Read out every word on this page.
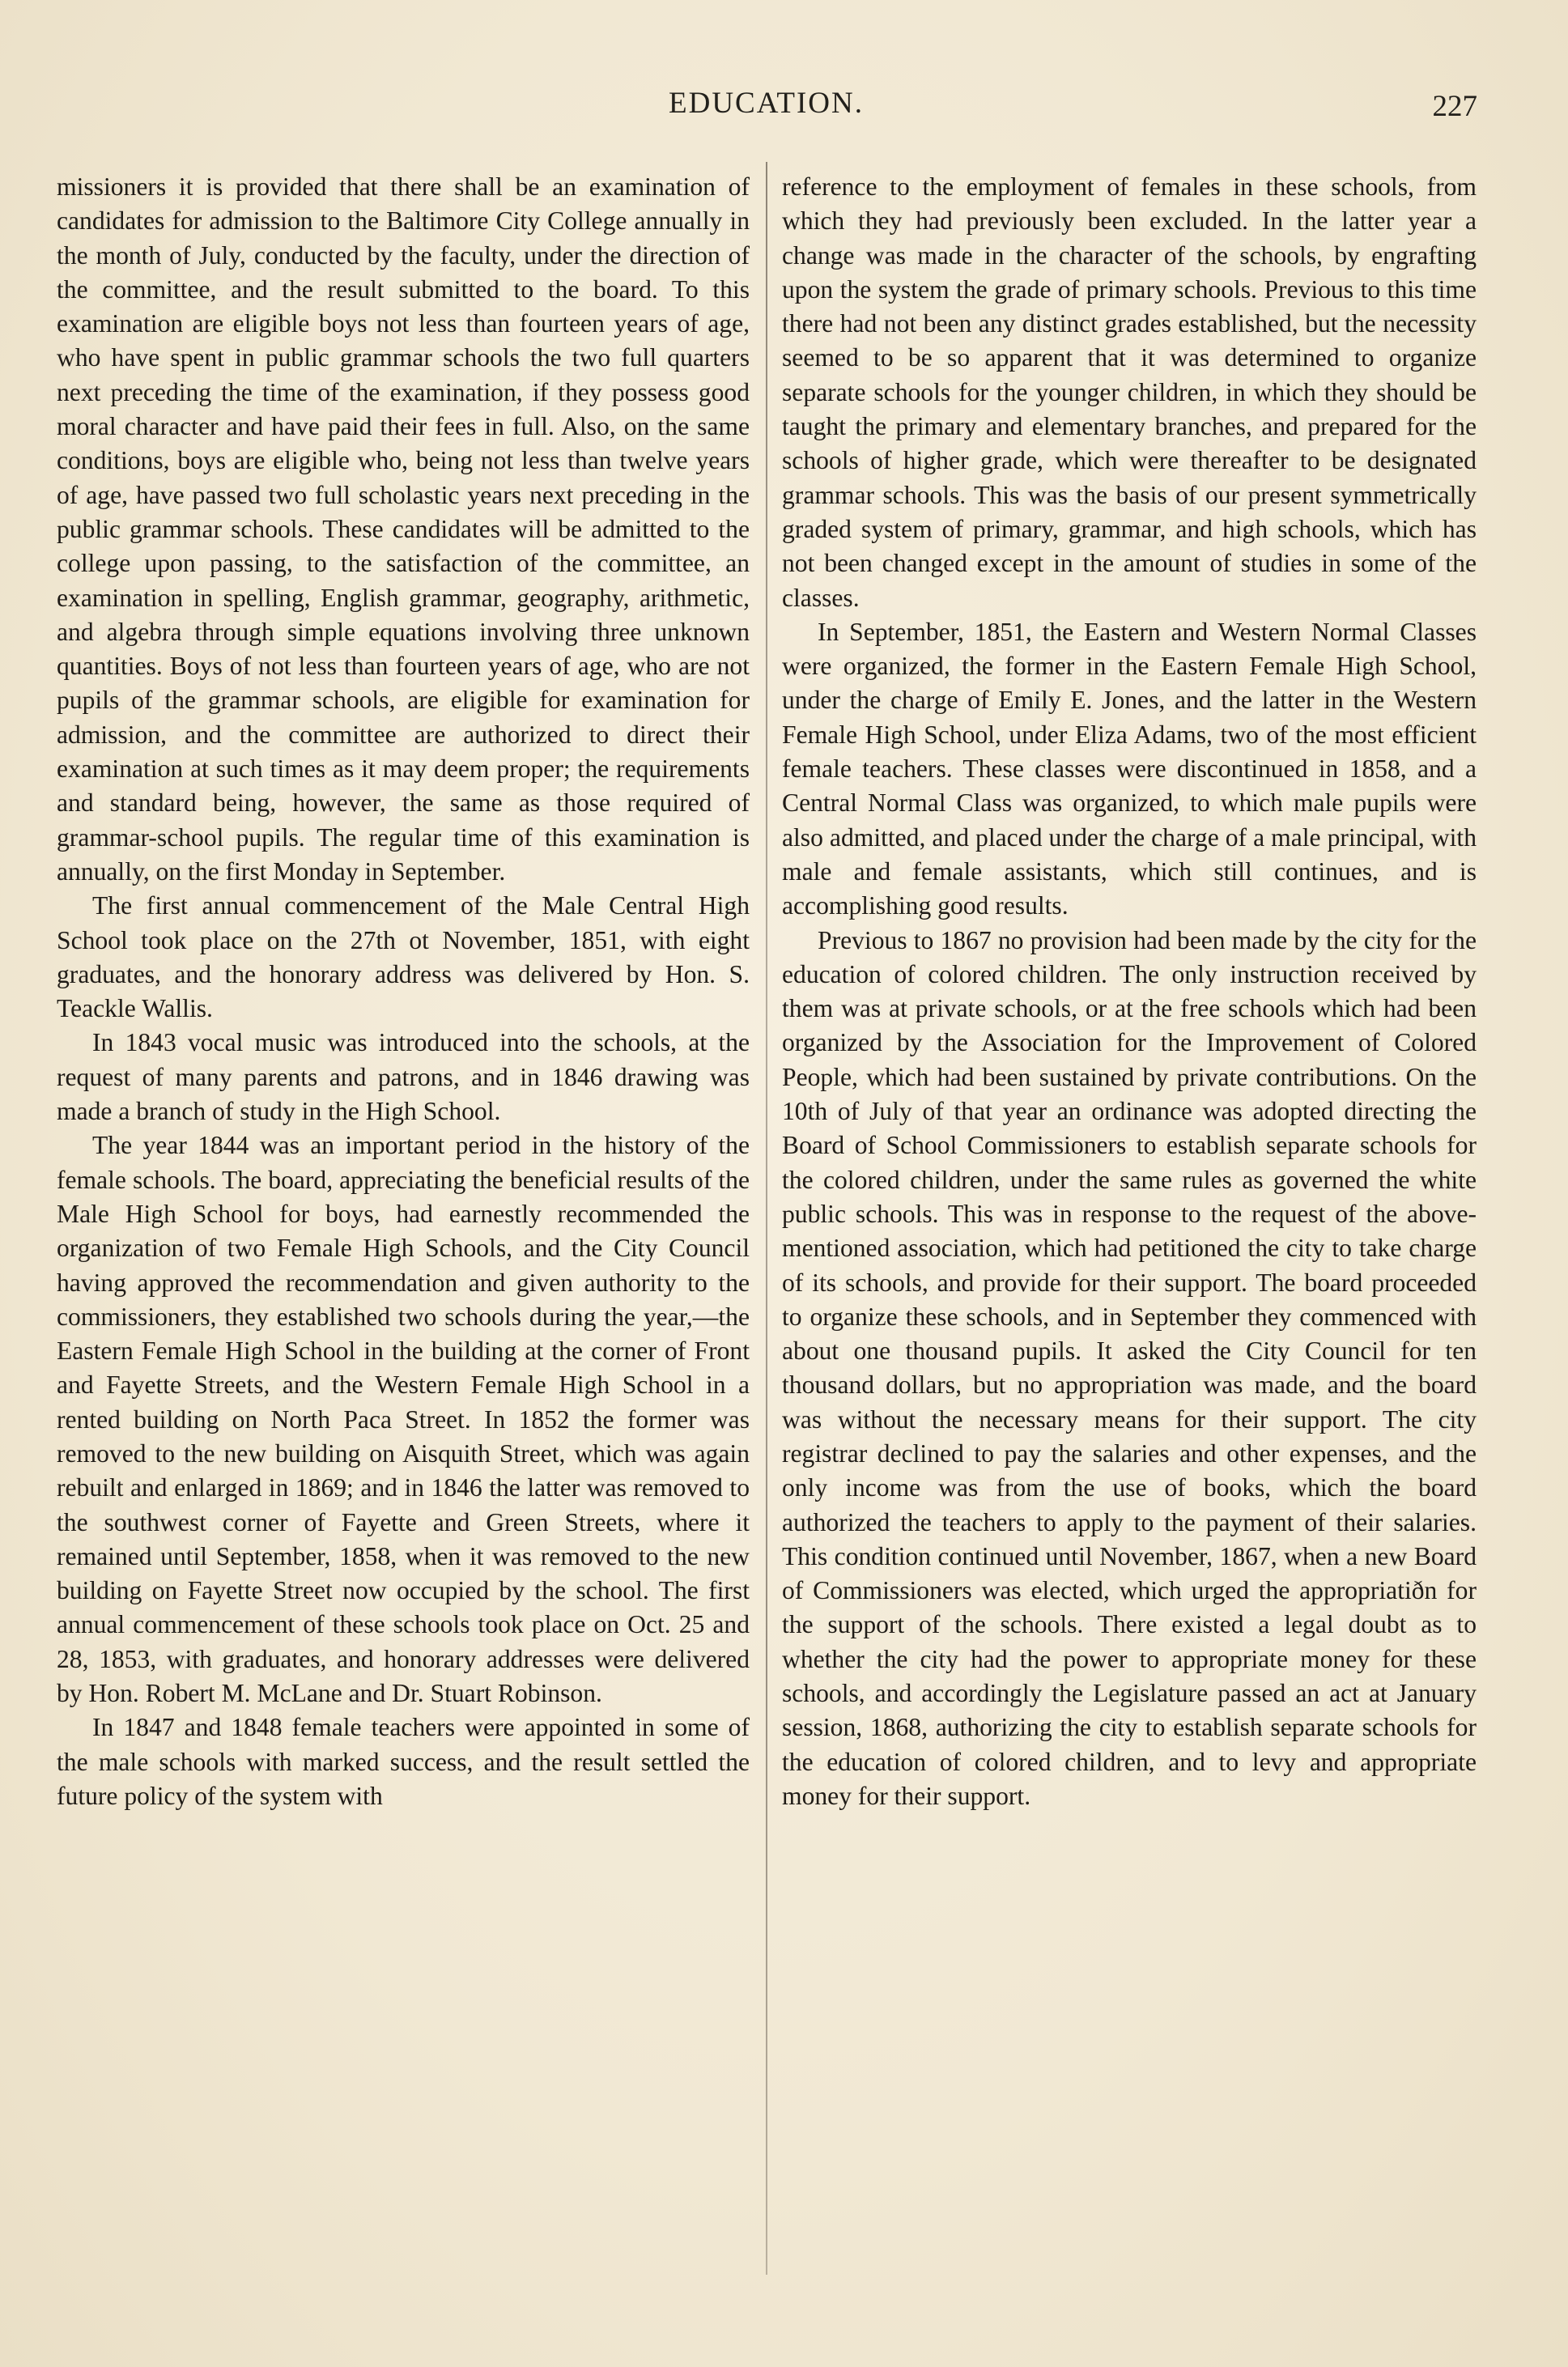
EDUCATION.	227

missioners it is provided that there shall be an examination of candidates for admission to the Baltimore City College annually in the month of July, conducted by the faculty, under the direction of the committee, and the result submitted to the board. To this examination are eligible boys not less than fourteen years of age, who have spent in public grammar schools the two full quarters next preceding the time of the examination, if they possess good moral character and have paid their fees in full. Also, on the same conditions, boys are eligible who, being not less than twelve years of age, have passed two full scholastic years next preceding in the public grammar schools. These candidates will be admitted to the college upon passing, to the satisfaction of the committee, an examination in spelling, English grammar, geography, arithmetic, and algebra through simple equations involving three unknown quantities. Boys of not less than fourteen years of age, who are not pupils of the grammar schools, are eligible for examination for admission, and the committee are authorized to direct their examination at such times as it may deem proper; the requirements and standard being, however, the same as those required of grammar-school pupils. The regular time of this examination is annually, on the first Monday in September.

The first annual commencement of the Male Central High School took place on the 27th ot November, 1851, with eight graduates, and the honorary address was delivered by Hon. S. Teackle Wallis.

In 1843 vocal music was introduced into the schools, at the request of many parents and patrons, and in 1846 drawing was made a branch of study in the High School.

The year 1844 was an important period in the history of the female schools. The board, appreciating the beneficial results of the Male High School for boys, had earnestly recommended the organization of two Female High Schools, and the City Council having approved the recommendation and given authority to the commissioners, they established two schools during the year,—the Eastern Female High School in the building at the corner of Front and Fayette Streets, and the Western Female High School in a rented building on North Paca Street. In 1852 the former was removed to the new building on Aisquith Street, which was again rebuilt and enlarged in 1869; and in 1846 the latter was removed to the southwest corner of Fayette and Green Streets, where it remained until September, 1858, when it was removed to the new building on Fayette Street now occupied by the school. The first annual commencement of these schools took place on Oct. 25 and 28, 1853, with graduates, and honorary addresses were delivered by Hon. Robert M. McLane and Dr. Stuart Robinson.

In 1847 and 1848 female teachers were appointed in some of the male schools with marked success, and the result settled the future policy of the system with

reference to the employment of females in these schools, from which they had previously been excluded. In the latter year a change was made in the character of the schools, by engrafting upon the system the grade of primary schools. Previous to this time there had not been any distinct grades established, but the necessity seemed to be so apparent that it was determined to organize separate schools for the younger children, in which they should be taught the primary and elementary branches, and prepared for the schools of higher grade, which were thereafter to be designated grammar schools. This was the basis of our present symmetrically graded system of primary, grammar, and high schools, which has not been changed except in the amount of studies in some of the classes.

In September, 1851, the Eastern and Western Normal Classes were organized, the former in the Eastern Female High School, under the charge of Emily E. Jones, and the latter in the Western Female High School, under Eliza Adams, two of the most efficient female teachers. These classes were discontinued in 1858, and a Central Normal Class was organized, to which male pupils were also admitted, and placed under the charge of a male principal, with male and female assistants, which still continues, and is accomplishing good results.

Previous to 1867 no provision had been made by the city for the education of colored children. The only instruction received by them was at private schools, or at the free schools which had been organized by the Association for the Improvement of Colored People, which had been sustained by private contributions. On the 10th of July of that year an ordinance was adopted directing the Board of School Commissioners to establish separate schools for the colored children, under the same rules as governed the white public schools. This was in response to the request of the above-mentioned association, which had petitioned the city to take charge of its schools, and provide for their support. The board proceeded to organize these schools, and in September they commenced with about one thousand pupils. It asked the City Council for ten thousand dollars, but no appropriation was made, and the board was without the necessary means for their support. The city registrar declined to pay the salaries and other expenses, and the only income was from the use of books, which the board authorized the teachers to apply to the payment of their salaries. This condition continued until November, 1867, when a new Board of Commissioners was elected, which urged the appropriatiðn for the support of the schools. There existed a legal doubt as to whether the city had the power to appropriate money for these schools, and accordingly the Legislature passed an act at January session, 1868, authorizing the city to establish separate schools for the education of colored children, and to levy and appropriate money for their support.
